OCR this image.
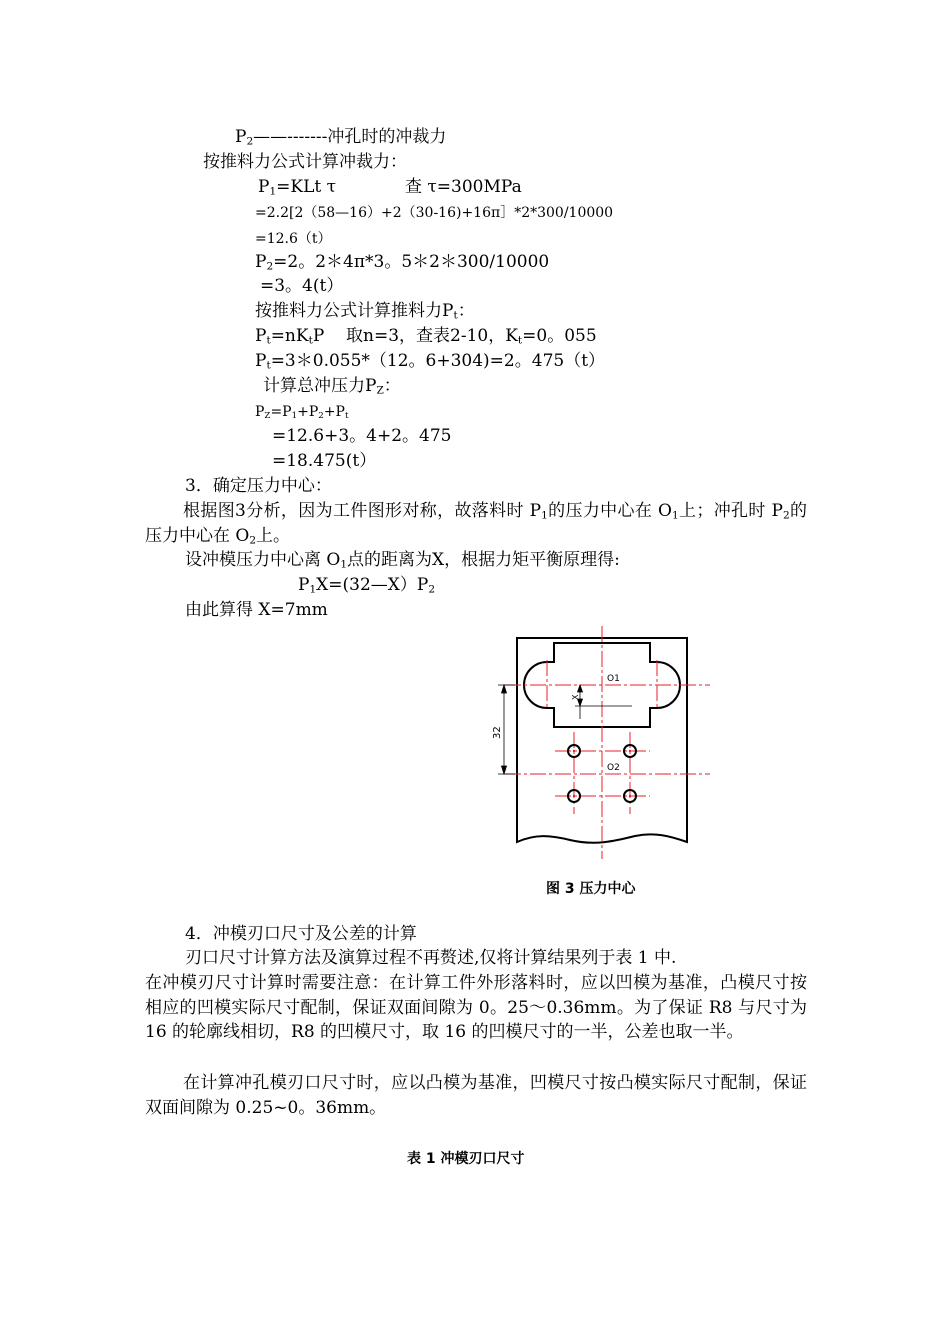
$P_2——-------$冲孔时的冲裁力
按推料力公式计算冲裁力：
$P_1=KLt$ τ	查 τ=300MPa
=2.2[2（58—16）+2（30-16)+16π］*2*300/10000
=12.6（t）
$P_2=2$。2＊4π*3。5＊2＊300/10000
=3。4(t）
按推料力公式计算推料力$P_t$：
$P_t=nK_tP$ 取n=3，查表2-10，$K_t=0$。055
$P_t=3*0.055*(12$。6+304)=2。475（t）
计算总冲压力$P_Z$：
$P_Z=P_1+P_2+P_t$
=12.6+3。4+2。475
=18.475(t）
3．确定压力中心：
根据图3分析，因为工件图形对称，故落料时 $P_1$的压力中心在 $O_1$上；冲孔时 $P_2$的压力中心在 $O_2$上。
设冲模压力中心离 $O_1$点的距离为X，根据力矩平衡原理得:
$P_1X=(32—X)P_2$
由此算得 X=7mm
O1
O2
X
32
图 3 压力中心
4．冲模刃口尺寸及公差的计算
刃口尺寸计算方法及演算过程不再赘述,仅将计算结果列于表 1 中.
在冲模刃尺寸计算时需要注意：在计算工件外形落料时，应以凹模为基准，凸模尺寸按相应的凹模实际尺寸配制，保证双面间隙为 0。25～0.36mm。为了保证 R8 与尺寸为 16 的轮廓线相切，R8 的凹模尺寸，取 16 的凹模尺寸的一半，公差也取一半。
在计算冲孔模刃口尺寸时，应以凸模为基准，凹模尺寸按凸模实际尺寸配制，保证双面间隙为 0.25~0。36mm。
表 1 冲模刃口尺寸
